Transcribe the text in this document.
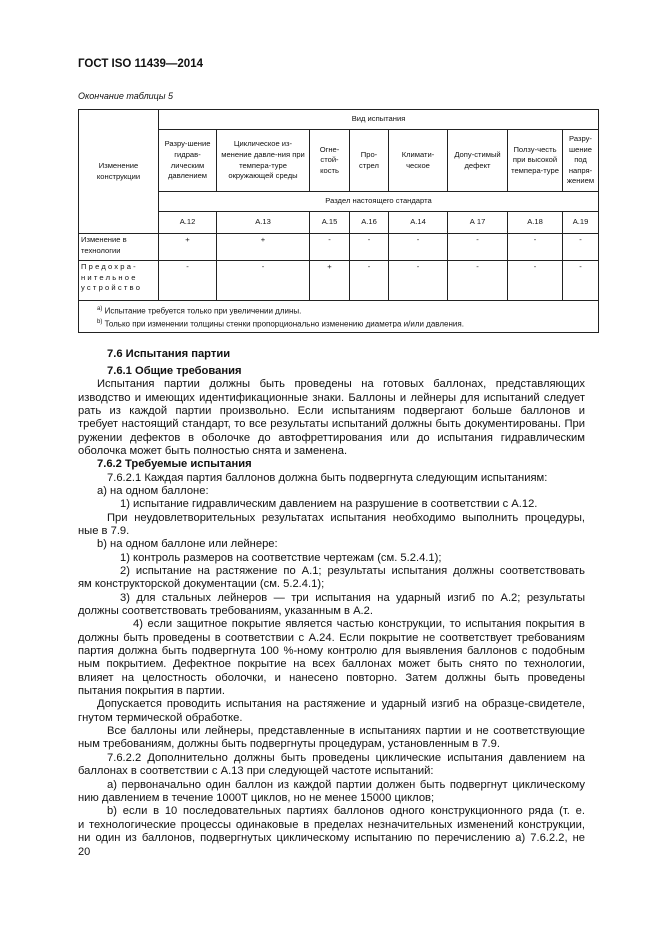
ГОСТ ISO 11439—2014
Окончание таблицы 5
Изменение конструкции	Вид испытания							
	Разру-шение гидрав-лическим давлением	Циклическое из-менение давле-ния при темпера-туре окружающей среды	Огне-стой-кость	Про-стрел	Климати-ческое	Допу-стимый дефект	Ползу-честь при высокой темпера-туре	Разру-шение под напря-жением
	Раздел настоящего стандарта							
	А.12	А.13	А.15	А.16	А.14	А 17	А.18	А.19
Изменение в технологии	+	+	-	-	-	-	-	-
Предохра-нительное устройство	-	-	+	-	-	-	-	-

$^{a)}$ Испытание требуется только при увеличении длины.
$^{b)}$ Только при изменении толщины стенки пропорционально изменению диаметра и/или давления.								
7.6 Испытания партии
7.6.1 Общие требования
Испытания партии должны быть проведены на готовых баллонах, представляющих
изводство и имеющих идентификационные знаки. Баллоны и лейнеры для испытаний следует
рать из каждой партии произвольно. Если испытаниям подвергают больше баллонов и
требует настоящий стандарт, то все результаты испытаний должны быть документированы. При
ружении дефектов в оболочке до автофреттирования или до испытания гидравлическим
оболочка может быть полностью снята и заменена.
7.6.2 Требуемые испытания
7.6.2.1 Каждая партия баллонов должна быть подвергнута следующим испытаниям:
а) на одном баллоне:
1) испытание гидравлическим давлением на разрушение в соответствии с А.12.
При неудовлетворительных результатах испытания необходимо выполнить процедуры,
ные в 7.9.
b) на одном баллоне или лейнере:
1) контроль размеров на соответствие чертежам (см. 5.2.4.1);
2) испытание на растяжение по А.1; результаты испытания должны соответствовать
ям конструкторской документации (см. 5.2.4.1);
3) для стальных лейнеров — три испытания на ударный изгиб по А.2; результаты
должны соответствовать требованиям, указанным в А.2.
4) если защитное покрытие является частью конструкции, то испытания покрытия в
должны быть проведены в соответствии с А.24. Если покрытие не соответствует требованиям
партия должна быть подвергнута 100 %-ному контролю для выявления баллонов с подобным
ным покрытием. Дефектное покрытие на всех баллонах может быть снято по технологии,
влияет на целостность оболочки, и нанесено повторно. Затем должны быть проведены
пытания покрытия в партии.
Допускается проводить испытания на растяжение и ударный изгиб на образце-свидетеле,
гнутом термической обработке.
Все баллоны или лейнеры, представленные в испытаниях партии и не соответствующие
ным требованиям, должны быть подвергнуты процедурам, установленным в 7.9.
7.6.2.2 Дополнительно должны быть проведены циклические испытания давлением на
баллонах в соответствии с А.13 при следующей частоте испытаний:
а) первоначально один баллон из каждой партии должен быть подвергнут циклическому
нию давлением в течение 1000T циклов, но не менее 15000 циклов;
b) если в 10 последовательных партиях баллонов одного конструкционного ряда (т. е.
и технологические процессы одинаковые в пределах незначительных изменений конструкции,
ни один из баллонов, подвергнутых циклическому испытанию по перечислению а) 7.6.2.2, не
20
